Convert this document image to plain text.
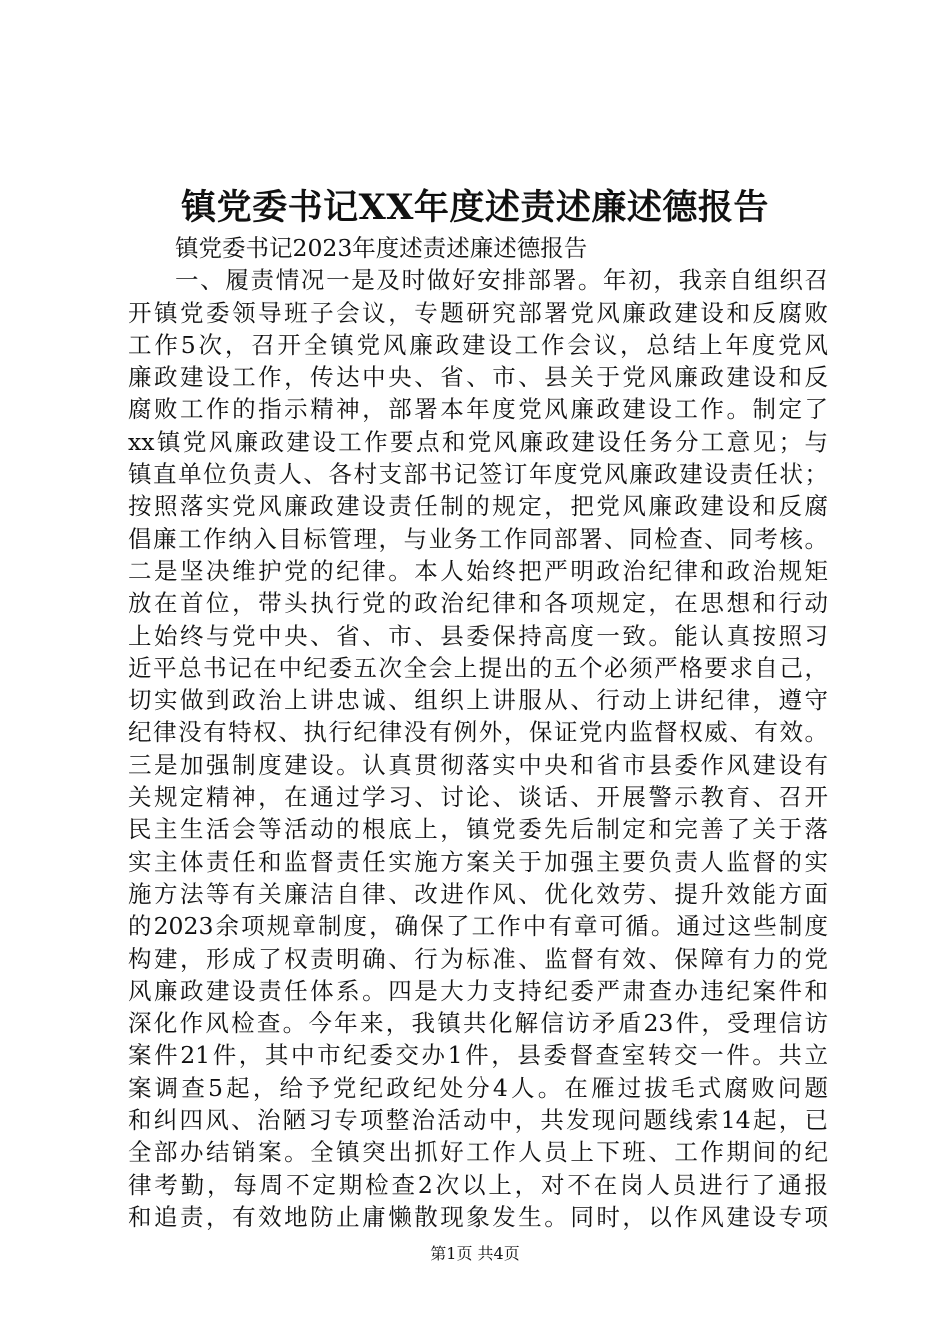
镇党委书记XX年度述责述廉述德报告
镇党委书记2023年度述责述廉述德报告
一、履责情况一是及时做好安排部署。年初，我亲自组织召
开镇党委领导班子会议，专题研究部署党风廉政建设和反腐败
工作5次，召开全镇党风廉政建设工作会议，总结上年度党风
廉政建设工作，传达中央、省、市、县关于党风廉政建设和反
腐败工作的指示精神，部署本年度党风廉政建设工作。制定了
xx镇党风廉政建设工作要点和党风廉政建设任务分工意见；与
镇直单位负责人、各村支部书记签订年度党风廉政建设责任状；
按照落实党风廉政建设责任制的规定，把党风廉政建设和反腐
倡廉工作纳入目标管理，与业务工作同部署、同检查、同考核。
二是坚决维护党的纪律。本人始终把严明政治纪律和政治规矩
放在首位，带头执行党的政治纪律和各项规定，在思想和行动
上始终与党中央、省、市、县委保持高度一致。能认真按照习
近平总书记在中纪委五次全会上提出的五个必须严格要求自己，
切实做到政治上讲忠诚、组织上讲服从、行动上讲纪律，遵守
纪律没有特权、执行纪律没有例外，保证党内监督权威、有效。
三是加强制度建设。认真贯彻落实中央和省市县委作风建设有
关规定精神，在通过学习、讨论、谈话、开展警示教育、召开
民主生活会等活动的根底上，镇党委先后制定和完善了关于落
实主体责任和监督责任实施方案关于加强主要负责人监督的实
施方法等有关廉洁自律、改进作风、优化效劳、提升效能方面
的2023余项规章制度，确保了工作中有章可循。通过这些制度
构建，形成了权责明确、行为标准、监督有效、保障有力的党
风廉政建设责任体系。四是大力支持纪委严肃查办违纪案件和
深化作风检查。今年来，我镇共化解信访矛盾23件，受理信访
案件21件，其中市纪委交办1件，县委督查室转交一件。共立
案调查5起，给予党纪政纪处分4人。在雁过拔毛式腐败问题
和纠四风、治陋习专项整治活动中，共发现问题线索14起，已
全部办结销案。全镇突出抓好工作人员上下班、工作期间的纪
律考勤，每周不定期检查2次以上，对不在岗人员进行了通报
和追责，有效地防止庸懒散现象发生。同时，以作风建设专项
第1页 共4页
